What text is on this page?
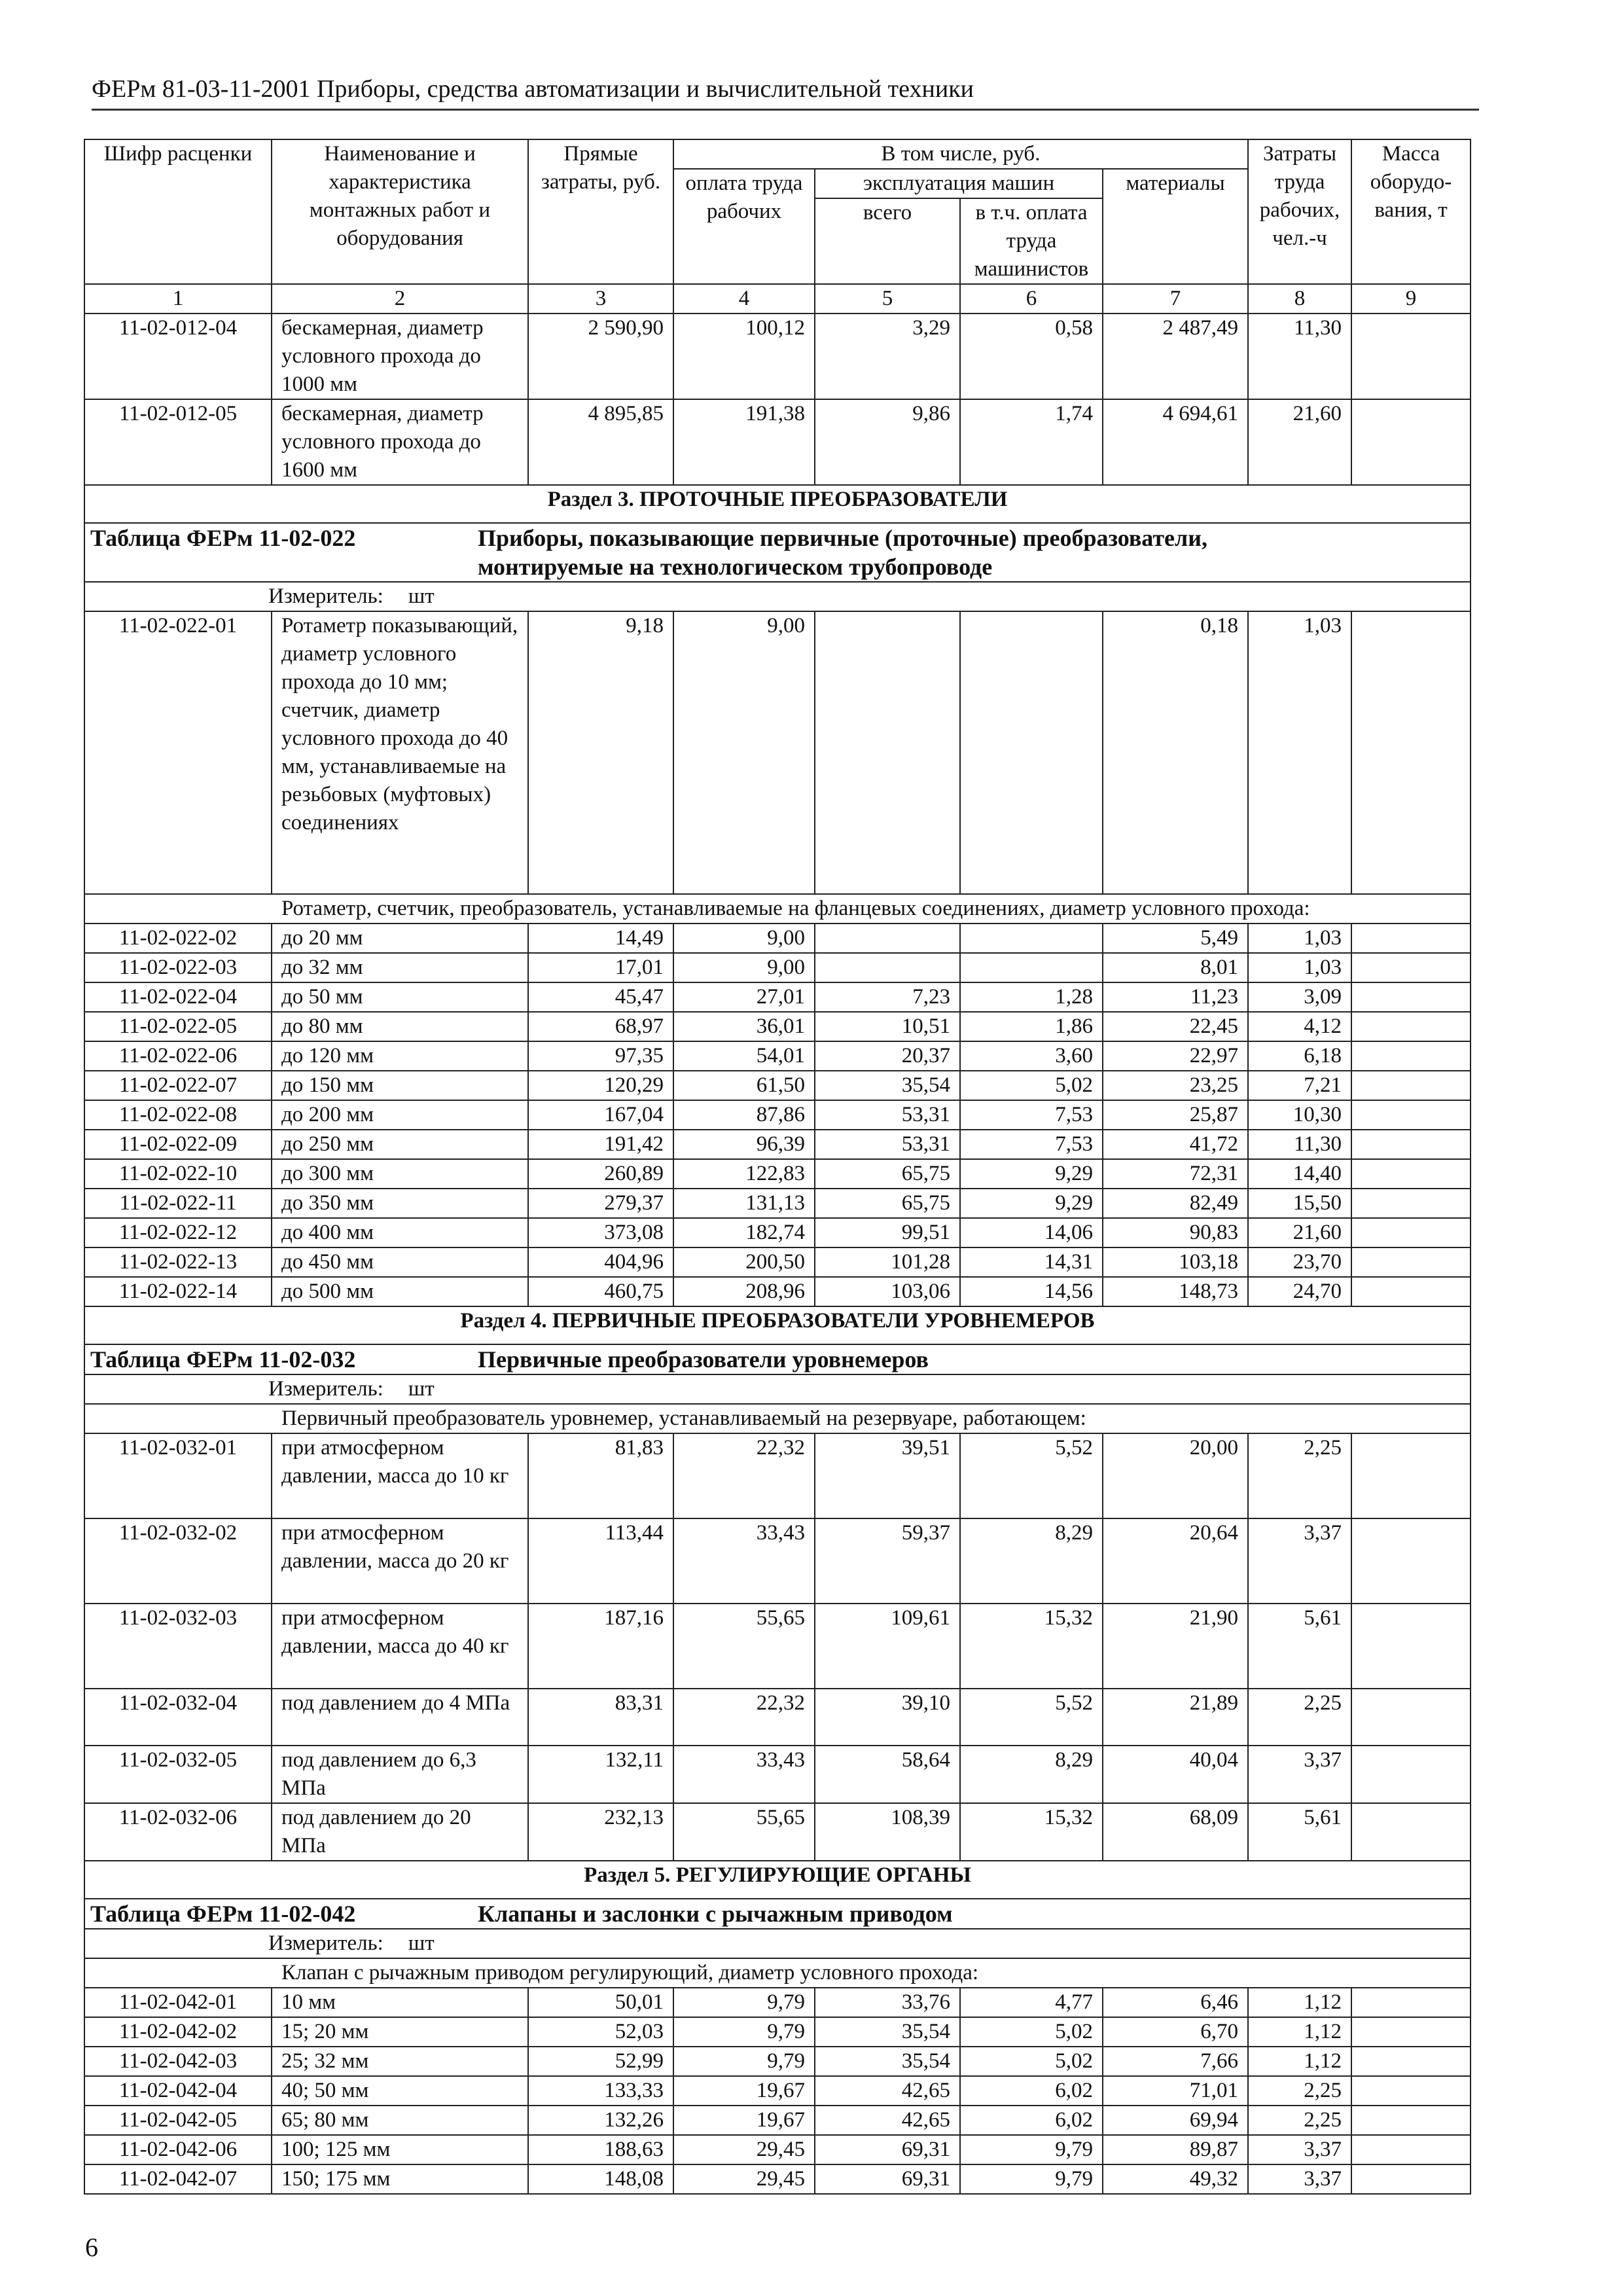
ФЕРм 81-03-11-2001 Приборы, средства автоматизации и вычислительной техники
Шифр расценки	Наименование и характеристика монтажных работ и оборудования	Прямые затраты, руб.	В том числе, руб.				Затраты труда рабочих, чел.-ч	Масса оборудо-вания, т
			оплата труда рабочих	эксплуатация машин		материалы		
				всего	в т.ч. оплата труда машинистов			
1	2	3	4	5	6	7	8	9
11-02-012-04	бескамерная, диаметр условного прохода до 1000 мм	2 590,90	100,12	3,29	0,58	2 487,49	11,30	
11-02-012-05	бескамерная, диаметр условного прохода до 1600 мм	4 895,85	191,38	9,86	1,74	4 694,61	21,60	
Раздел 3. ПРОТОЧНЫЕ ПРЕОБРАЗОВАТЕЛИ								

Таблица ФЕРм 11-02-022 Приборы, показывающие первичные (проточные) преобразователи, монтируемые на технологическом трубопроводе								

Измеритель: шт								

11-02-022-01	Ротаметр показывающий, диаметр условного прохода до 10 мм; счетчик, диаметр условного прохода до 40 мм, устанавливаемые на резьбовых (муфтовых) соединениях	9,18	9,00			0,18	1,03	
Ротаметр, счетчик, преобразователь, устанавливаемые на фланцевых соединениях, диаметр условного прохода:								
11-02-022-02	до 20 мм	14,49	9,00			5,49	1,03	
11-02-022-03	до 32 мм	17,01	9,00			8,01	1,03	
11-02-022-04	до 50 мм	45,47	27,01	7,23	1,28	11,23	3,09	
11-02-022-05	до 80 мм	68,97	36,01	10,51	1,86	22,45	4,12	
11-02-022-06	до 120 мм	97,35	54,01	20,37	3,60	22,97	6,18	
11-02-022-07	до 150 мм	120,29	61,50	35,54	5,02	23,25	7,21	
11-02-022-08	до 200 мм	167,04	87,86	53,31	7,53	25,87	10,30	
11-02-022-09	до 250 мм	191,42	96,39	53,31	7,53	41,72	11,30	
11-02-022-10	до 300 мм	260,89	122,83	65,75	9,29	72,31	14,40	
11-02-022-11	до 350 мм	279,37	131,13	65,75	9,29	82,49	15,50	
11-02-022-12	до 400 мм	373,08	182,74	99,51	14,06	90,83	21,60	
11-02-022-13	до 450 мм	404,96	200,50	101,28	14,31	103,18	23,70	
11-02-022-14	до 500 мм	460,75	208,96	103,06	14,56	148,73	24,70	
Раздел 4. ПЕРВИЧНЫЕ ПРЕОБРАЗОВАТЕЛИ УРОВНЕМЕРОВ								

Таблица ФЕРм 11-02-032 Первичные преобразователи уровнемеров								

Измеритель: шт								

Первичный преобразователь уровнемер, устанавливаемый на резервуаре, работающем:								
11-02-032-01	при атмосферном давлении, масса до 10 кг	81,83	22,32	39,51	5,52	20,00	2,25	
11-02-032-02	при атмосферном давлении, масса до 20 кг	113,44	33,43	59,37	8,29	20,64	3,37	
11-02-032-03	при атмосферном давлении, масса до 40 кг	187,16	55,65	109,61	15,32	21,90	5,61	
11-02-032-04	под давлением до 4 МПа	83,31	22,32	39,10	5,52	21,89	2,25	
11-02-032-05	под давлением до 6,3 МПа	132,11	33,43	58,64	8,29	40,04	3,37	
11-02-032-06	под давлением до 20 МПа	232,13	55,65	108,39	15,32	68,09	5,61	
Раздел 5. РЕГУЛИРУЮЩИЕ ОРГАНЫ								

Таблица ФЕРм 11-02-042 Клапаны и заслонки с рычажным приводом								

Измеритель: шт								

Клапан с рычажным приводом регулирующий, диаметр условного прохода:								
11-02-042-01	10 мм	50,01	9,79	33,76	4,77	6,46	1,12	
11-02-042-02	15; 20 мм	52,03	9,79	35,54	5,02	6,70	1,12	
11-02-042-03	25; 32 мм	52,99	9,79	35,54	5,02	7,66	1,12	
11-02-042-04	40; 50 мм	133,33	19,67	42,65	6,02	71,01	2,25	
11-02-042-05	65; 80 мм	132,26	19,67	42,65	6,02	69,94	2,25	
11-02-042-06	100; 125 мм	188,63	29,45	69,31	9,79	89,87	3,37	
11-02-042-07	150; 175 мм	148,08	29,45	69,31	9,79	49,32	3,37	
6
